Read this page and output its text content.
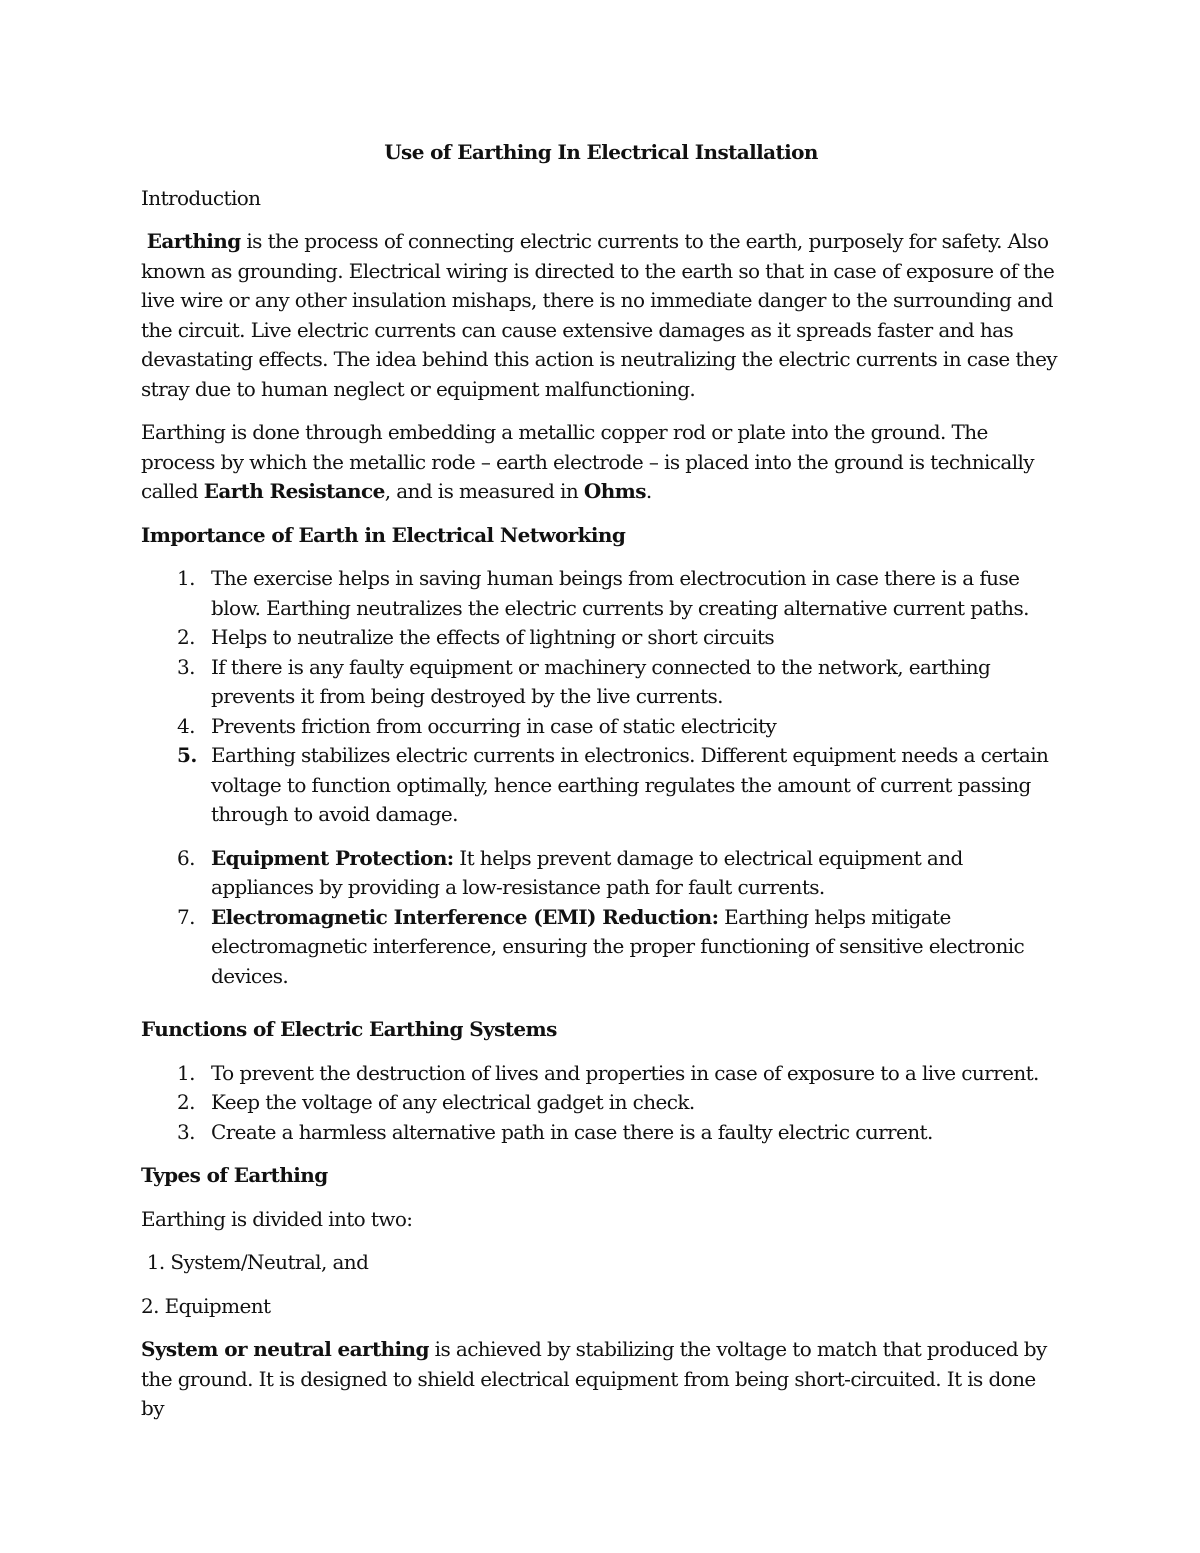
Use of Earthing In Electrical Installation

Introduction

Earthing is the process of connecting electric currents to the earth, purposely for safety. Also known as grounding. Electrical wiring is directed to the earth so that in case of exposure of the live wire or any other insulation mishaps, there is no immediate danger to the surrounding and the circuit. Live electric currents can cause extensive damages as it spreads faster and has devastating effects. The idea behind this action is neutralizing the electric currents in case they stray due to human neglect or equipment malfunctioning.

Earthing is done through embedding a metallic copper rod or plate into the ground. The process by which the metallic rode – earth electrode – is placed into the ground is technically called Earth Resistance, and is measured in Ohms.

Importance of Earth in Electrical Networking

1. The exercise helps in saving human beings from electrocution in case there is a fuse blow. Earthing neutralizes the electric currents by creating alternative current paths.
2. Helps to neutralize the effects of lightning or short circuits
3. If there is any faulty equipment or machinery connected to the network, earthing prevents it from being destroyed by the live currents.
4. Prevents friction from occurring in case of static electricity
5. Earthing stabilizes electric currents in electronics. Different equipment needs a certain voltage to function optimally, hence earthing regulates the amount of current passing through to avoid damage.
6. Equipment Protection: It helps prevent damage to electrical equipment and appliances by providing a low-resistance path for fault currents.
7. Electromagnetic Interference (EMI) Reduction: Earthing helps mitigate electromagnetic interference, ensuring the proper functioning of sensitive electronic devices.

Functions of Electric Earthing Systems

1. To prevent the destruction of lives and properties in case of exposure to a live current.
2. Keep the voltage of any electrical gadget in check.
3. Create a harmless alternative path in case there is a faulty electric current.

Types of Earthing

Earthing is divided into two:

1. System/Neutral, and

2. Equipment

System or neutral earthing is achieved by stabilizing the voltage to match that produced by the ground. It is designed to shield electrical equipment from being short-circuited. It is done by
